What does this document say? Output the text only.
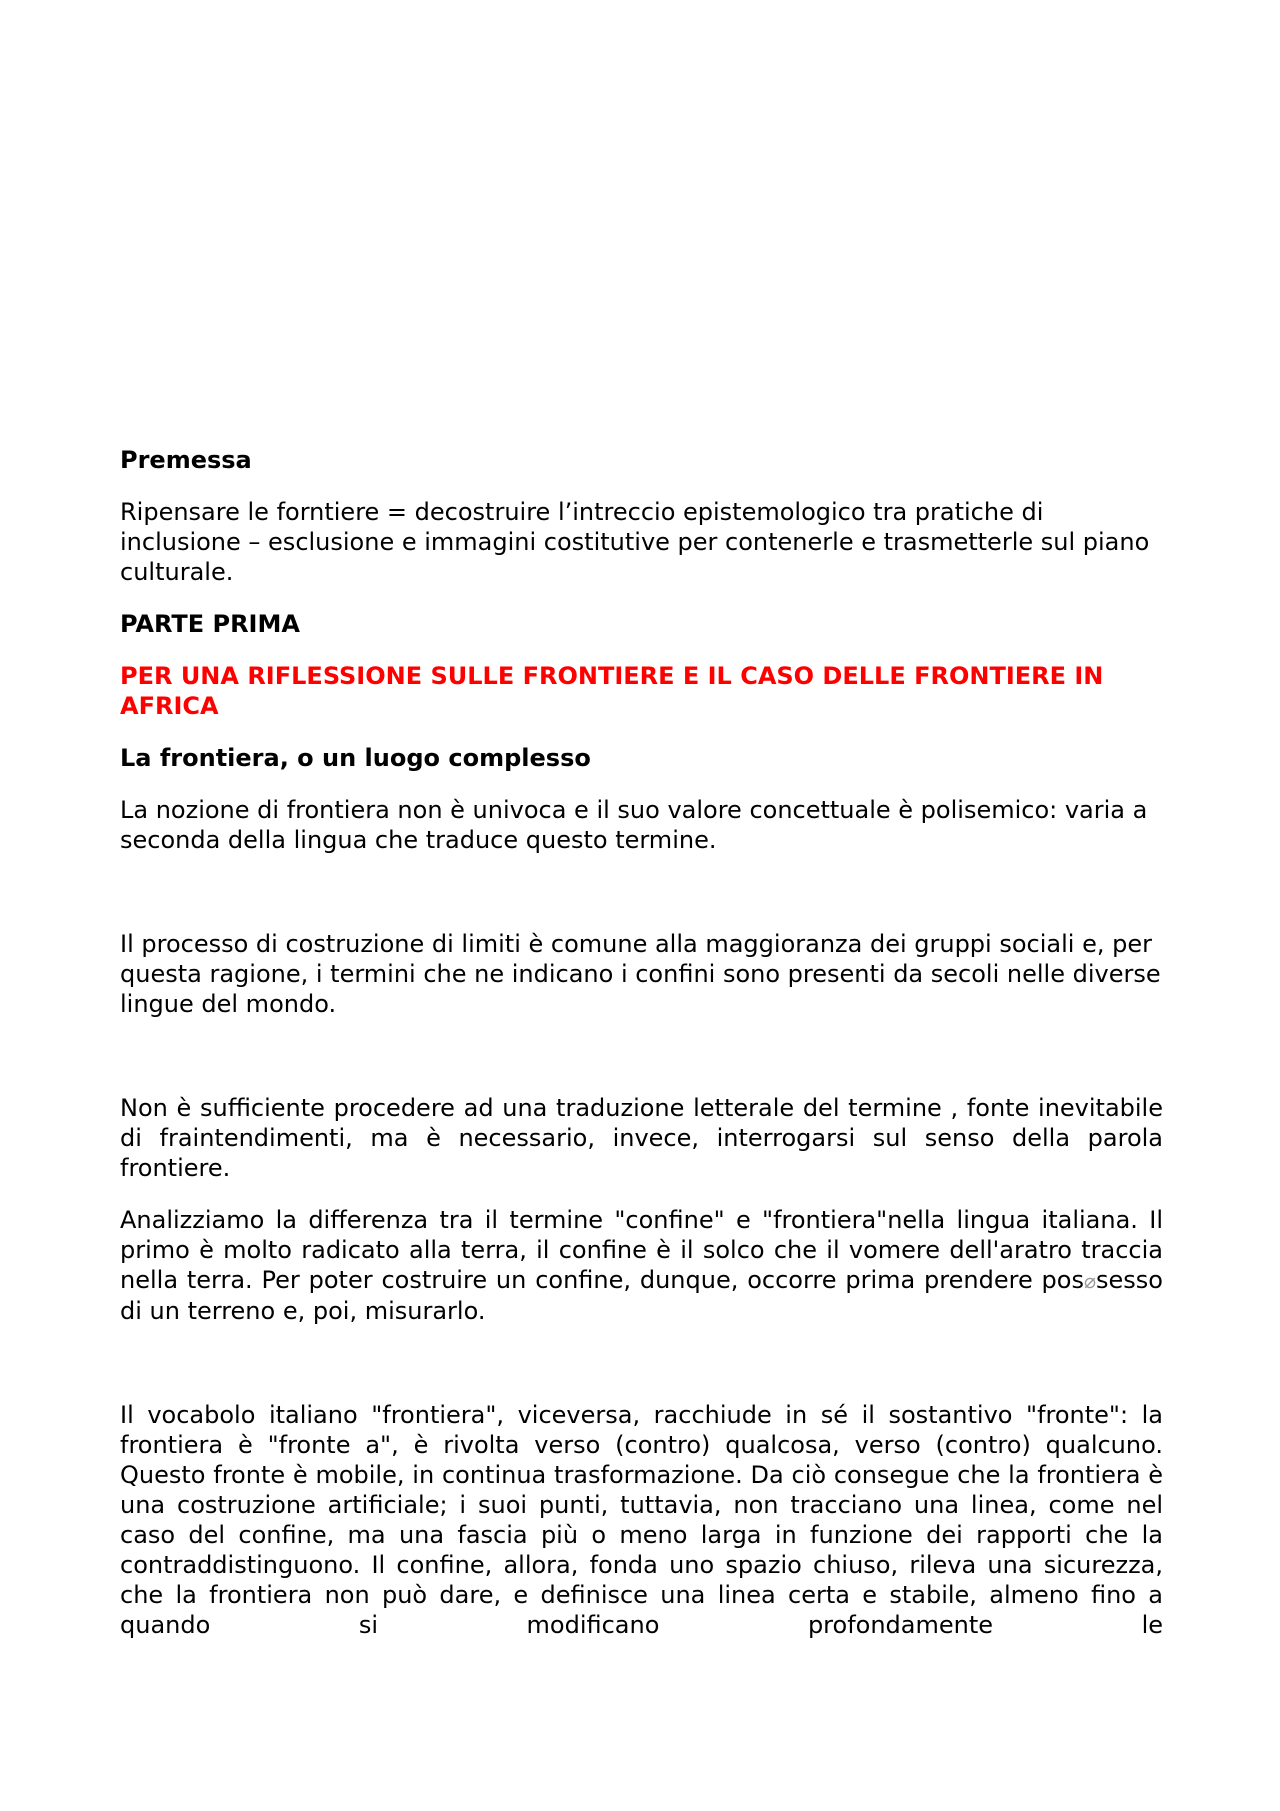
Premessa

Ripensare le forntiere = decostruire l’intreccio epistemologico tra pratiche di inclusione – esclusione e immagini costitutive per contenerle e trasmetterle sul piano culturale.

PARTE PRIMA

PER UNA RIFLESSIONE SULLE FRONTIERE E IL CASO DELLE FRONTIERE IN AFRICA

La frontiera, o un luogo complesso

La nozione di frontiera non è univoca e il suo valore concettuale è polisemico: varia a seconda della lingua che traduce questo termine.

Il processo di costruzione di limiti è comune alla maggioranza dei gruppi sociali e, per questa ragione, i termini che ne indicano i confini sono presenti da secoli nelle diverse lingue del mondo.

Non è sufficiente procedere ad una traduzione letterale del termine , fonte inevitabile di fraintendimenti, ma è necessario, invece, interrogarsi sul senso della parola frontiere.

Analizziamo la differenza tra il termine "confine" e "frontiera"nella lingua italiana. Il primo è molto radicato alla terra, il confine è il solco che il vomere dell'aratro traccia nella terra. Per poter costruire un confine, dunque, occorre prima prendere pos⌀sesso di un terreno e, poi, misurarlo.

Il vocabolo italiano "frontiera", viceversa, racchiude in sé il sostantivo "fronte": la frontiera è "fronte a", è rivolta verso (contro) qualcosa, verso (contro) qualcuno. Questo fronte è mobile, in continua trasformazione. Da ciò consegue che la frontiera è una costruzione artificiale; i suoi punti, tuttavia, non tracciano una linea, come nel caso del confine, ma una fascia più o meno larga in funzione dei rapporti che la contraddistinguono. Il confine, allora, fonda uno spazio chiuso, rileva una sicurezza, che la frontiera non può dare, e definisce una linea certa e stabile, almeno fino a quando si modificano profondamente le
